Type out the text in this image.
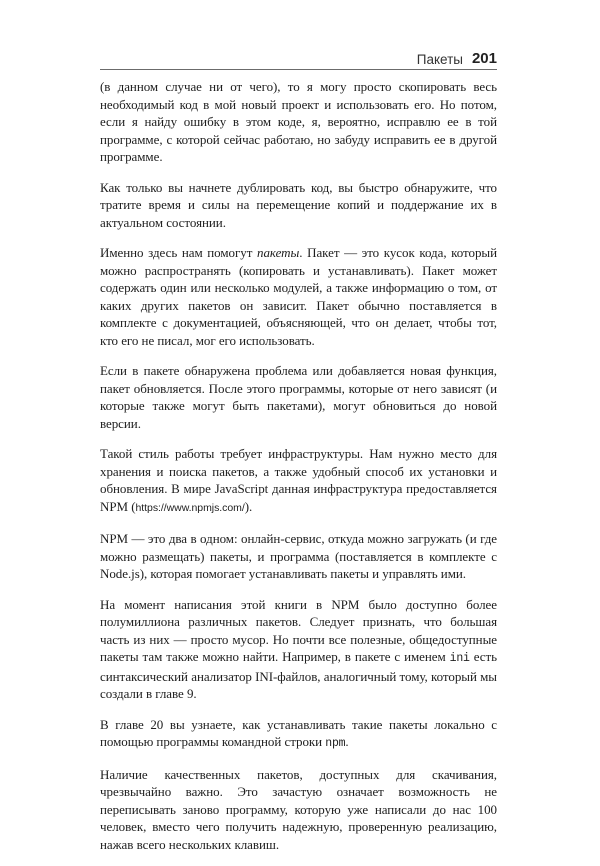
Пакеты 201

(в данном случае ни от чего), то я могу просто скопировать весь необходимый код в мой новый проект и использовать его. Но потом, если я найду ошибку в этом коде, я, вероятно, исправлю ее в той программе, с которой сейчас работаю, но забуду исправить ее в другой программе.

Как только вы начнете дублировать код, вы быстро обнаружите, что тратите время и силы на перемещение копий и поддержание их в актуальном состоянии.

Именно здесь нам помогут пакеты. Пакет — это кусок кода, который можно распространять (копировать и устанавливать). Пакет может содержать один или несколько модулей, а также информацию о том, от каких других пакетов он зависит. Пакет обычно поставляется в комплекте с документацией, объясняющей, что он делает, чтобы тот, кто его не писал, мог его использовать.

Если в пакете обнаружена проблема или добавляется новая функция, пакет обновляется. После этого программы, которые от него зависят (и которые также могут быть пакетами), могут обновиться до новой версии.

Такой стиль работы требует инфраструктуры. Нам нужно место для хранения и поиска пакетов, а также удобный способ их установки и обновления. В мире JavaScript данная инфраструктура предоставляется NPM (https://www.npmjs.com/).

NPM — это два в одном: онлайн-сервис, откуда можно загружать (и где можно размещать) пакеты, и программа (поставляется в комплекте с Node.js), которая помогает устанавливать пакеты и управлять ими.

На момент написания этой книги в NPM было доступно более полумиллиона различных пакетов. Следует признать, что большая часть из них — просто мусор. Но почти все полезные, общедоступные пакеты там также можно найти. Например, в пакете с именем ini есть синтаксический анализатор INI-файлов, аналогичный тому, который мы создали в главе 9.

В главе 20 вы узнаете, как устанавливать такие пакеты локально с помощью программы командной строки npm.

Наличие качественных пакетов, доступных для скачивания, чрезвычайно важно. Это зачастую означает возможность не переписывать заново программу, которую уже написали до нас 100 человек, вместо чего получить надежную, проверенную реализацию, нажав всего нескольких клавиш.
